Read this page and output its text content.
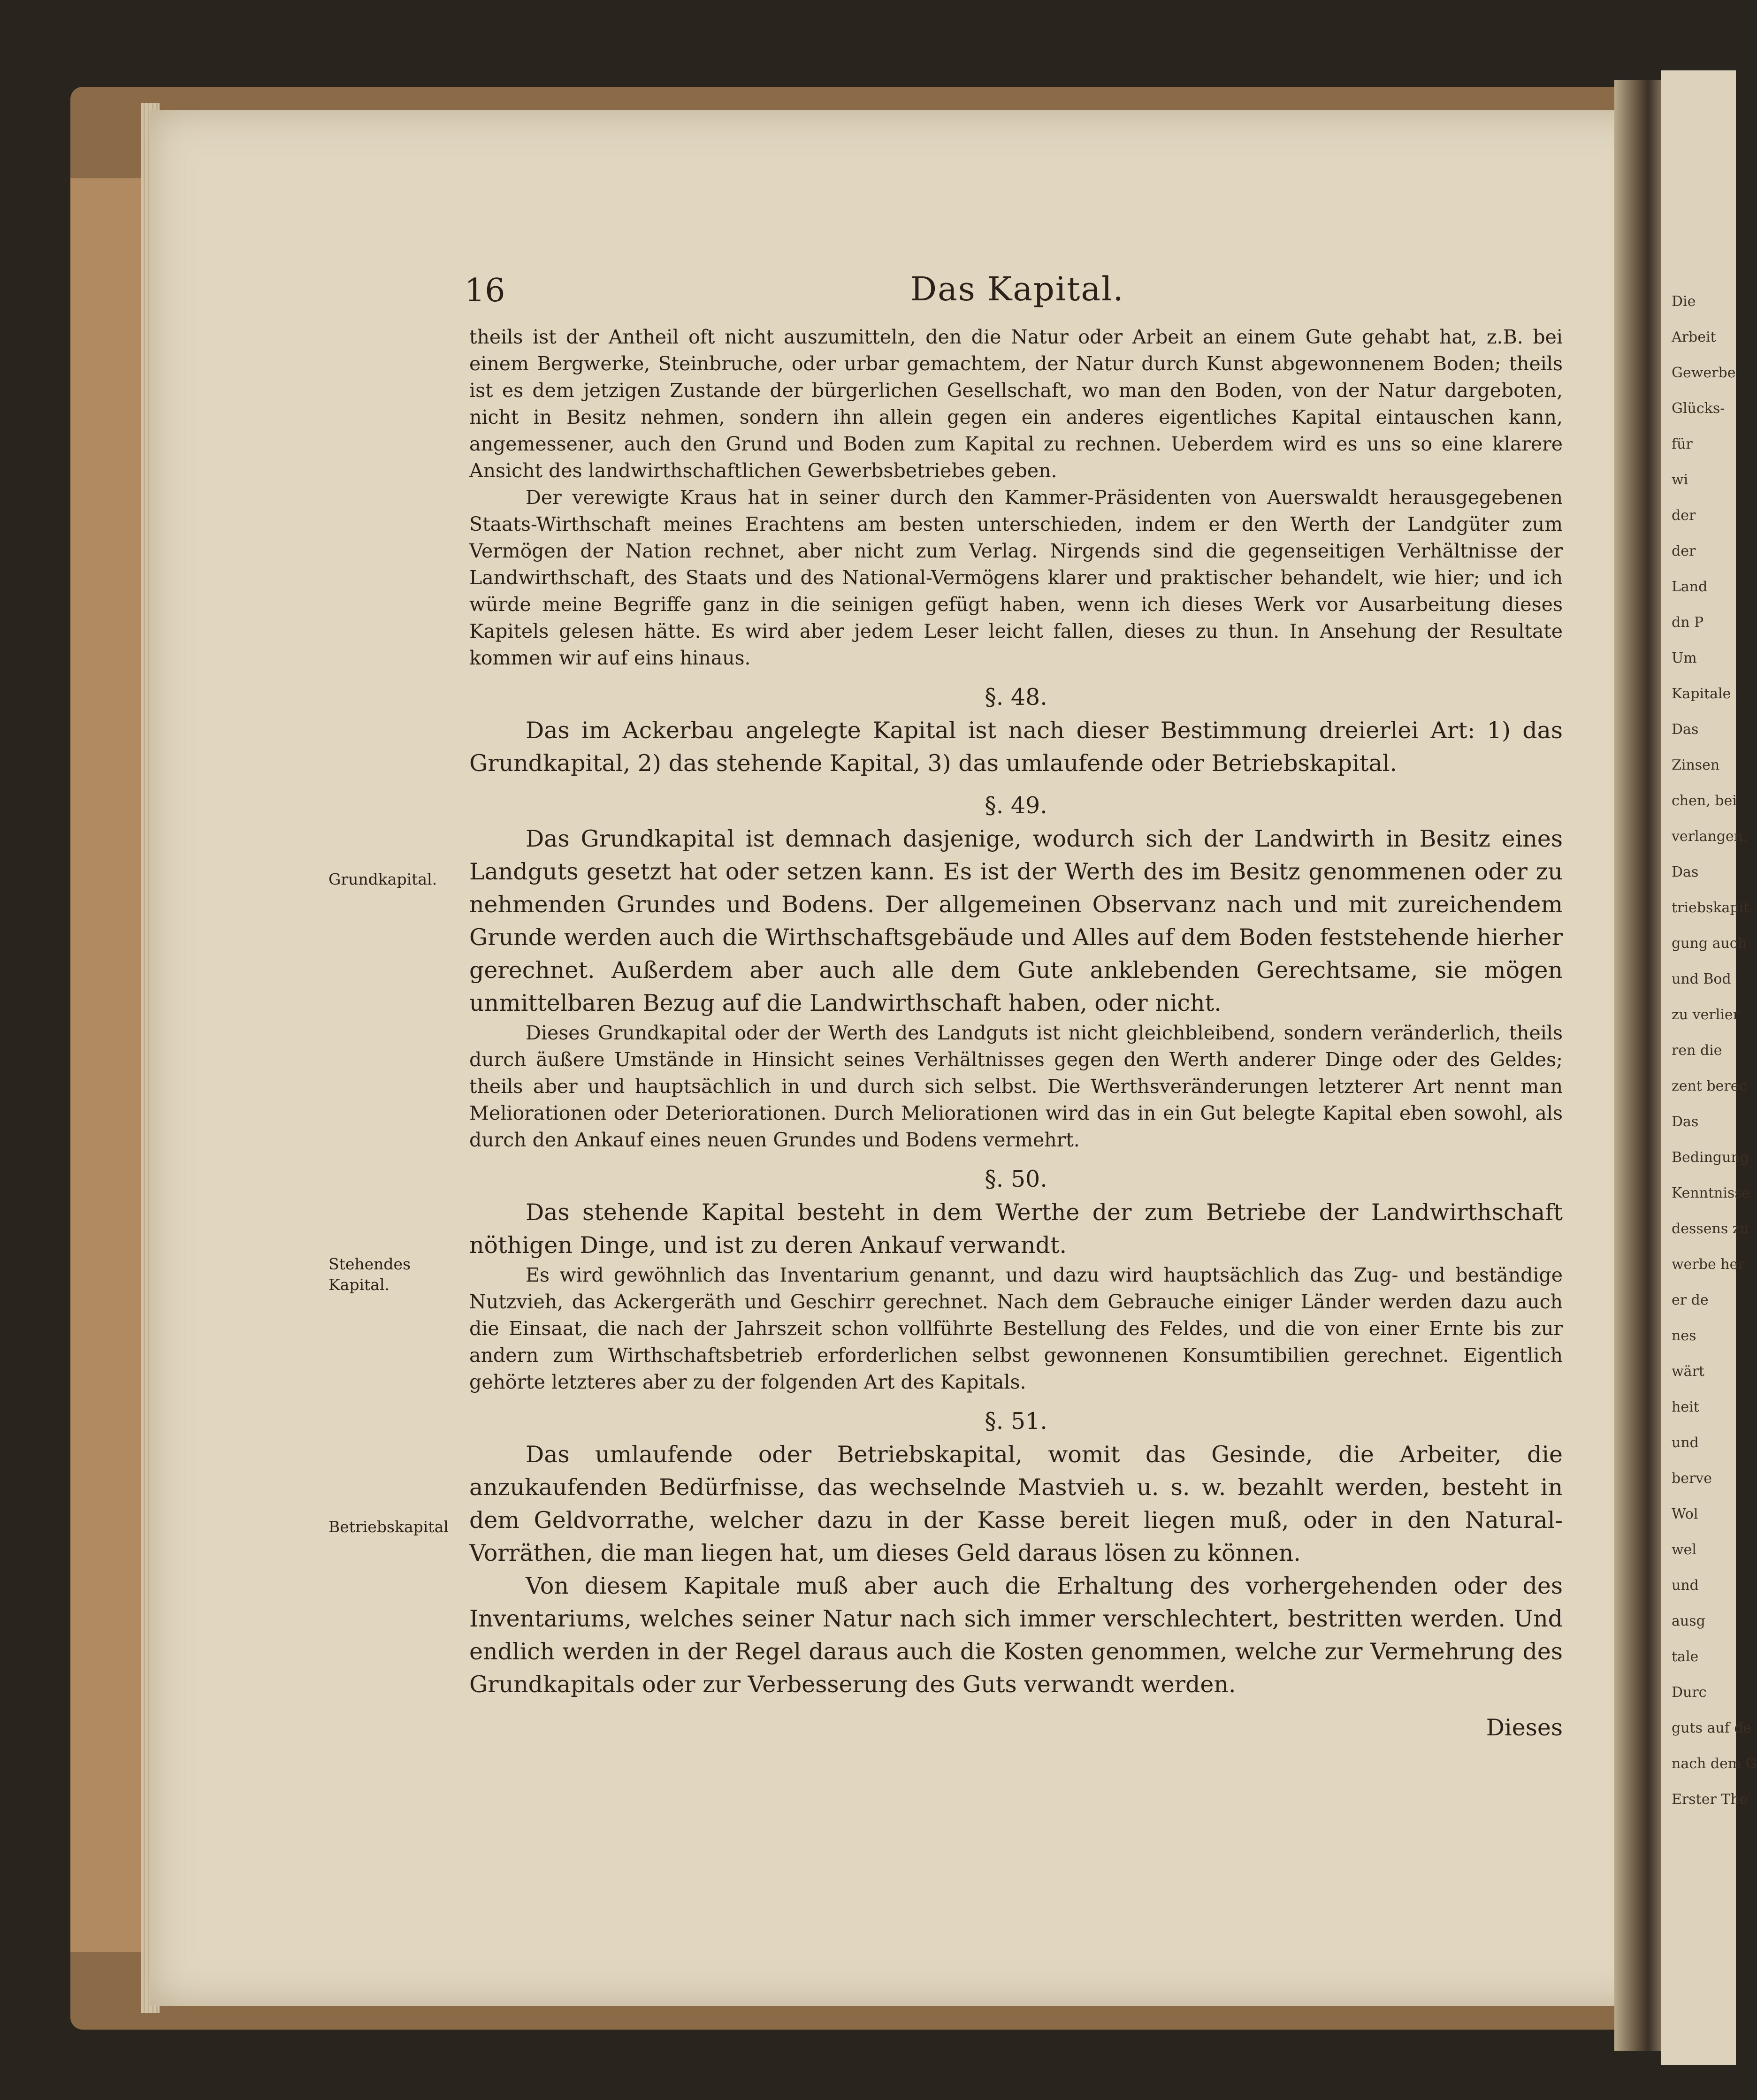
16	Das Kapital.

theils ist der Antheil oft nicht auszumitteln, den die Natur oder Arbeit an einem Gute gehabt hat, z.B. bei einem Bergwerke, Steinbruche, oder urbar gemachtem, der Natur durch Kunst abgewonnenem Boden; theils ist es dem jetzigen Zustande der bürgerlichen Gesellschaft, wo man den Boden, von der Natur dargeboten, nicht in Besitz nehmen, sondern ihn allein gegen ein anderes eigentliches Kapital eintauschen kann, angemessener, auch den Grund und Boden zum Kapital zu rechnen. Ueberdem wird es uns so eine klarere Ansicht des landwirthschaftlichen Gewerbsbetriebes geben.

Der verewigte Kraus hat in seiner durch den Kammer-Präsidenten von Auerswaldt herausgegebenen Staats-Wirthschaft meines Erachtens am besten unterschieden, indem er den Werth der Landgüter zum Vermögen der Nation rechnet, aber nicht zum Verlag. Nirgends sind die gegenseitigen Verhältnisse der Landwirthschaft, des Staats und des National-Vermögens klarer und praktischer behandelt, wie hier; und ich würde meine Begriffe ganz in die seinigen gefügt haben, wenn ich dieses Werk vor Ausarbeitung dieses Kapitels gelesen hätte. Es wird aber jedem Leser leicht fallen, dieses zu thun. In Ansehung der Resultate kommen wir auf eins hinaus.

§. 48.

Das im Ackerbau angelegte Kapital ist nach dieser Bestimmung dreierlei Art: 1) das Grundkapital, 2) das stehende Kapital, 3) das umlaufende oder Betriebskapital.

§. 49.

Das Grundkapital ist demnach dasjenige, wodurch sich der Landwirth in Besitz eines Landguts gesetzt hat oder setzen kann. Es ist der Werth des im Besitz genommenen oder zu nehmenden Grundes und Bodens. Der allgemeinen Observanz nach und mit zureichendem Grunde werden auch die Wirthschaftsgebäude und Alles auf dem Boden feststehende hierher gerechnet. Außerdem aber auch alle dem Gute anklebenden Gerechtsame, sie mögen unmittelbaren Bezug auf die Landwirthschaft haben, oder nicht.

Dieses Grundkapital oder der Werth des Landguts ist nicht gleichbleibend, sondern veränderlich, theils durch äußere Umstände in Hinsicht seines Verhältnisses gegen den Werth anderer Dinge oder des Geldes; theils aber und hauptsächlich in und durch sich selbst. Die Werthsveränderungen letzterer Art nennt man Meliorationen oder Deteriorationen. Durch Meliorationen wird das in ein Gut belegte Kapital eben sowohl, als durch den Ankauf eines neuen Grundes und Bodens vermehrt.

§. 50.

Das stehende Kapital besteht in dem Werthe der zum Betriebe der Landwirthschaft nöthigen Dinge, und ist zu deren Ankauf verwandt.

Es wird gewöhnlich das Inventarium genannt, und dazu wird hauptsächlich das Zug- und beständige Nutzvieh, das Ackergeräth und Geschirr gerechnet. Nach dem Gebrauche einiger Länder werden dazu auch die Einsaat, die nach der Jahrszeit schon vollführte Bestellung des Feldes, und die von einer Ernte bis zur andern zum Wirthschaftsbetrieb erforderlichen selbst gewonnenen Konsumtibilien gerechnet. Eigentlich gehörte letzteres aber zu der folgenden Art des Kapitals.

§. 51.

Das umlaufende oder Betriebskapital, womit das Gesinde, die Arbeiter, die anzukaufenden Bedürfnisse, das wechselnde Mastvieh u. s. w. bezahlt werden, besteht in dem Geldvorrathe, welcher dazu in der Kasse bereit liegen muß, oder in den Natural-Vorräthen, die man liegen hat, um dieses Geld daraus lösen zu können.

Von diesem Kapitale muß aber auch die Erhaltung des vorhergehenden oder des Inventariums, welches seiner Natur nach sich immer verschlechtert, bestritten werden. Und endlich werden in der Regel daraus auch die Kosten genommen, welche zur Vermehrung des Grundkapitals oder zur Verbesserung des Guts verwandt werden.

Dieses
Grundkapital.
Stehendes Kapital.
Betriebskapital
Die
Arbeit
Gewerbe
Glücks-
für
wi
der
der
Land
dn P
Um
Kapitale
Das
Zinsen
chen, bei
verlangen.
Das
triebskapit
gung auch
und Bod
zu verlier
ren die
zent berec
Das
Bedingung
Kenntnisse
dessens zu
werbe her
er de
nes
wärt
heit
und
berve
Wol
wel
und
ausg
tale
Durc
guts auf de
nach dem G
Erster The
